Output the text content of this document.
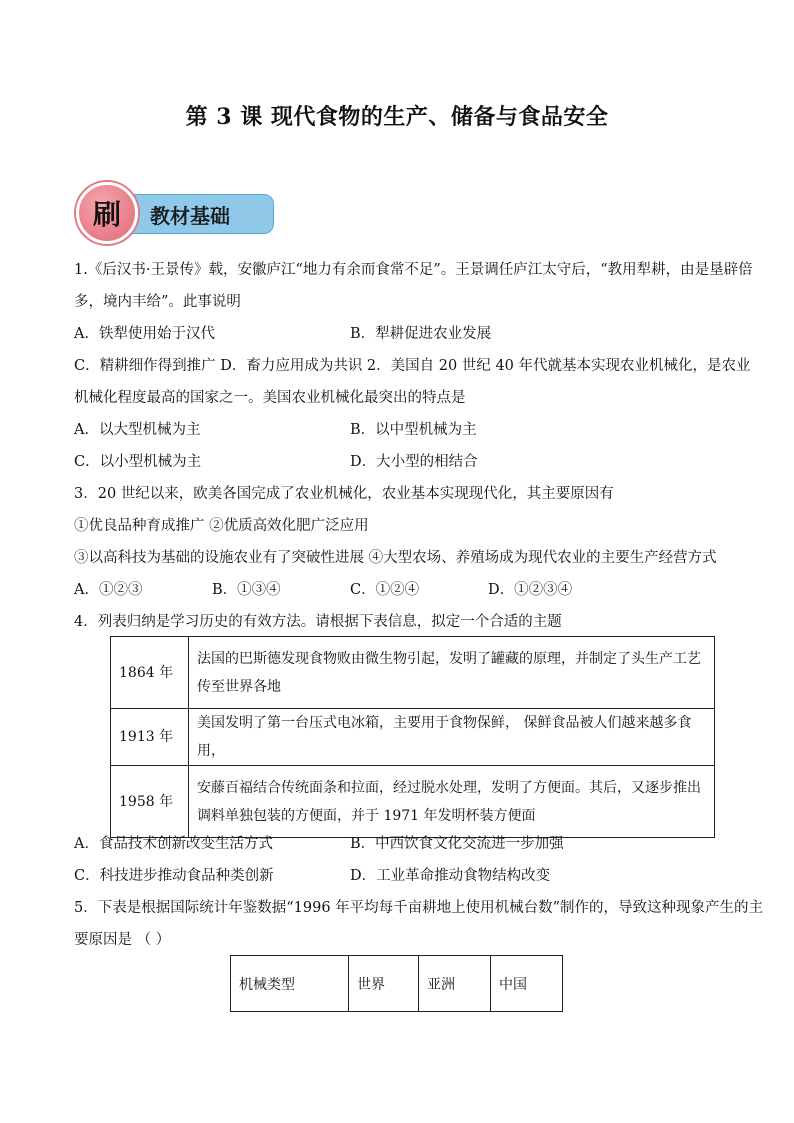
第 3 课 现代食物的生产、储备与食品安全
刷	教材基础
1.《后汉书·王景传》载，安徽庐江“地力有余而食常不足”。王景调任庐江太守后，“教用犁耕，由是垦辟倍
多，境内丰给”。此事说明
A．铁犁使用始于汉代	B．犁耕促进农业发展
C．精耕细作得到推广 D．畜力应用成为共识 2．美国自 20 世纪 40 年代就基本实现农业机械化，是农业
机械化程度最高的国家之一。美国农业机械化最突出的特点是
A．以大型机械为主	B．以中型机械为主
C．以小型机械为主	D．大小型的相结合
3．20 世纪以来，欧美各国完成了农业机械化，农业基本实现现代化，其主要原因有
①优良品种育成推广 ②优质高效化肥广泛应用
③以高科技为基础的设施农业有了突破性进展 ④大型农场、养殖场成为现代农业的主要生产经营方式
A．①②③	B．①③④	C．①②④	D．①②③④
4．列表归纳是学习历史的有效方法。请根据下表信息，拟定一个合适的主题
1864 年	法国的巴斯德发现食物败由微生物引起，发明了罐藏的原理，并制定了头生产工艺传至世界各地
1913 年	美国发明了第一台压式电冰箱，主要用于食物保鲜， 保鲜食品被人们越来越多食用，
1958 年	安藤百福结合传统面条和拉面，经过脱水处理，发明了方便面。其后，又逐步推出调料单独包装的方便面，并于 1971 年发明杯装方便面
A．食品技术创新改变生活方式	B．中西饮食文化交流进一步加强
C．科技进步推动食品种类创新	D．工业革命推动食物结构改变
5．下表是根据国际统计年鉴数据“1996 年平均每千亩耕地上使用机械台数”制作的，导致这种现象产生的主
要原因是 （ ）
机械类型	世界	亚洲	中国
